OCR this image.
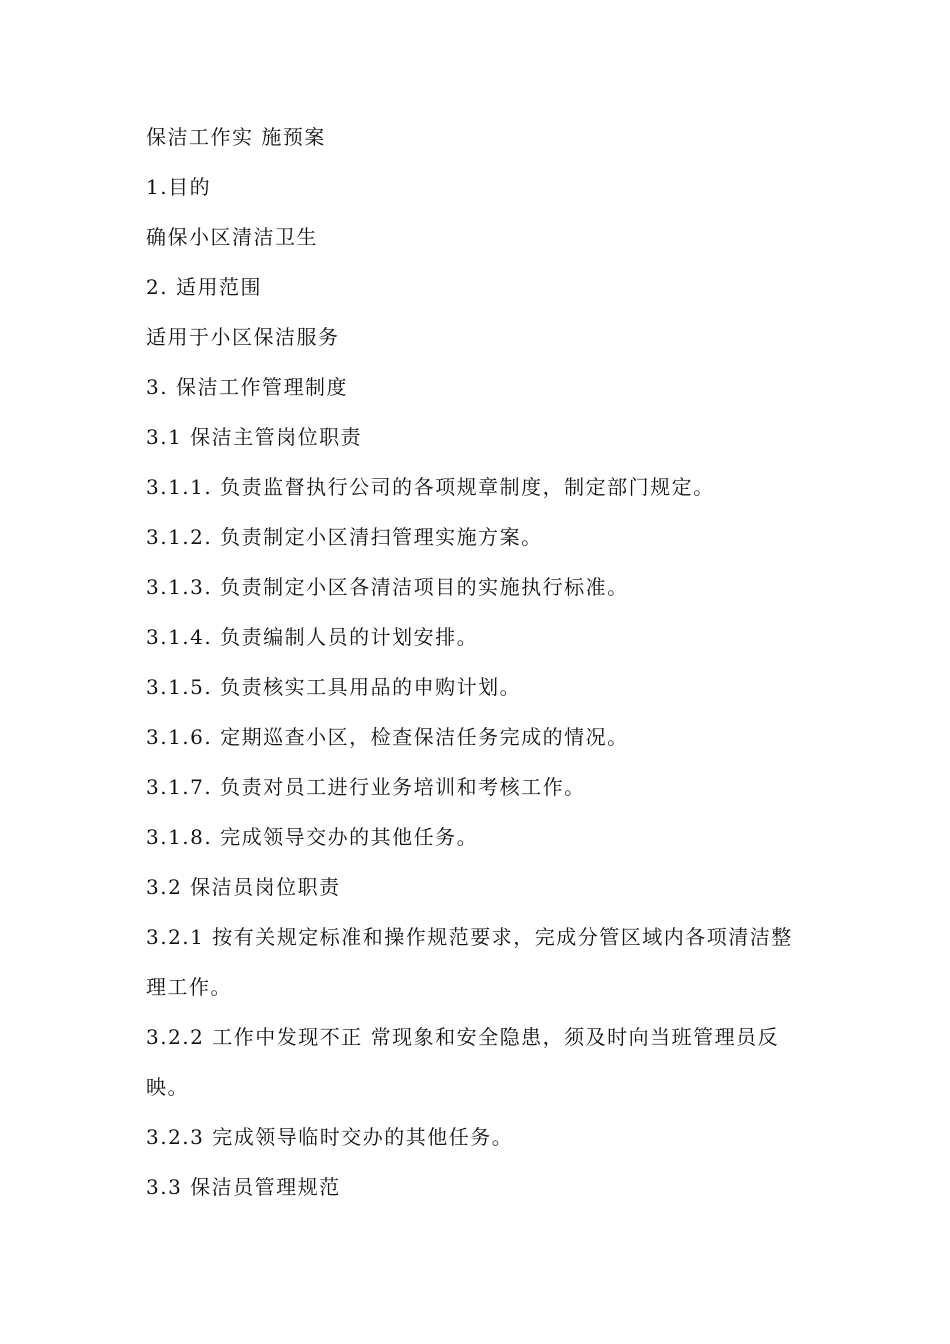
保洁工作实 施预案
1.目的
确保小区清洁卫生
2. 适用范围
适用于小区保洁服务
3. 保洁工作管理制度
3.1 保洁主管岗位职责
3.1.1. 负责监督执行公司的各项规章制度，制定部门规定。
3.1.2. 负责制定小区清扫管理实施方案。
3.1.3. 负责制定小区各清洁项目的实施执行标准。
3.1.4. 负责编制人员的计划安排。
3.1.5. 负责核实工具用品的申购计划。
3.1.6. 定期巡查小区，检查保洁任务完成的情况。
3.1.7. 负责对员工进行业务培训和考核工作。
3.1.8. 完成领导交办的其他任务。
3.2 保洁员岗位职责
3.2.1 按有关规定标准和操作规范要求，完成分管区域内各项清洁整
理工作。
3.2.2 工作中发现不正 常现象和安全隐患，须及时向当班管理员反
映。
3.2.3 完成领导临时交办的其他任务。
3.3 保洁员管理规范
